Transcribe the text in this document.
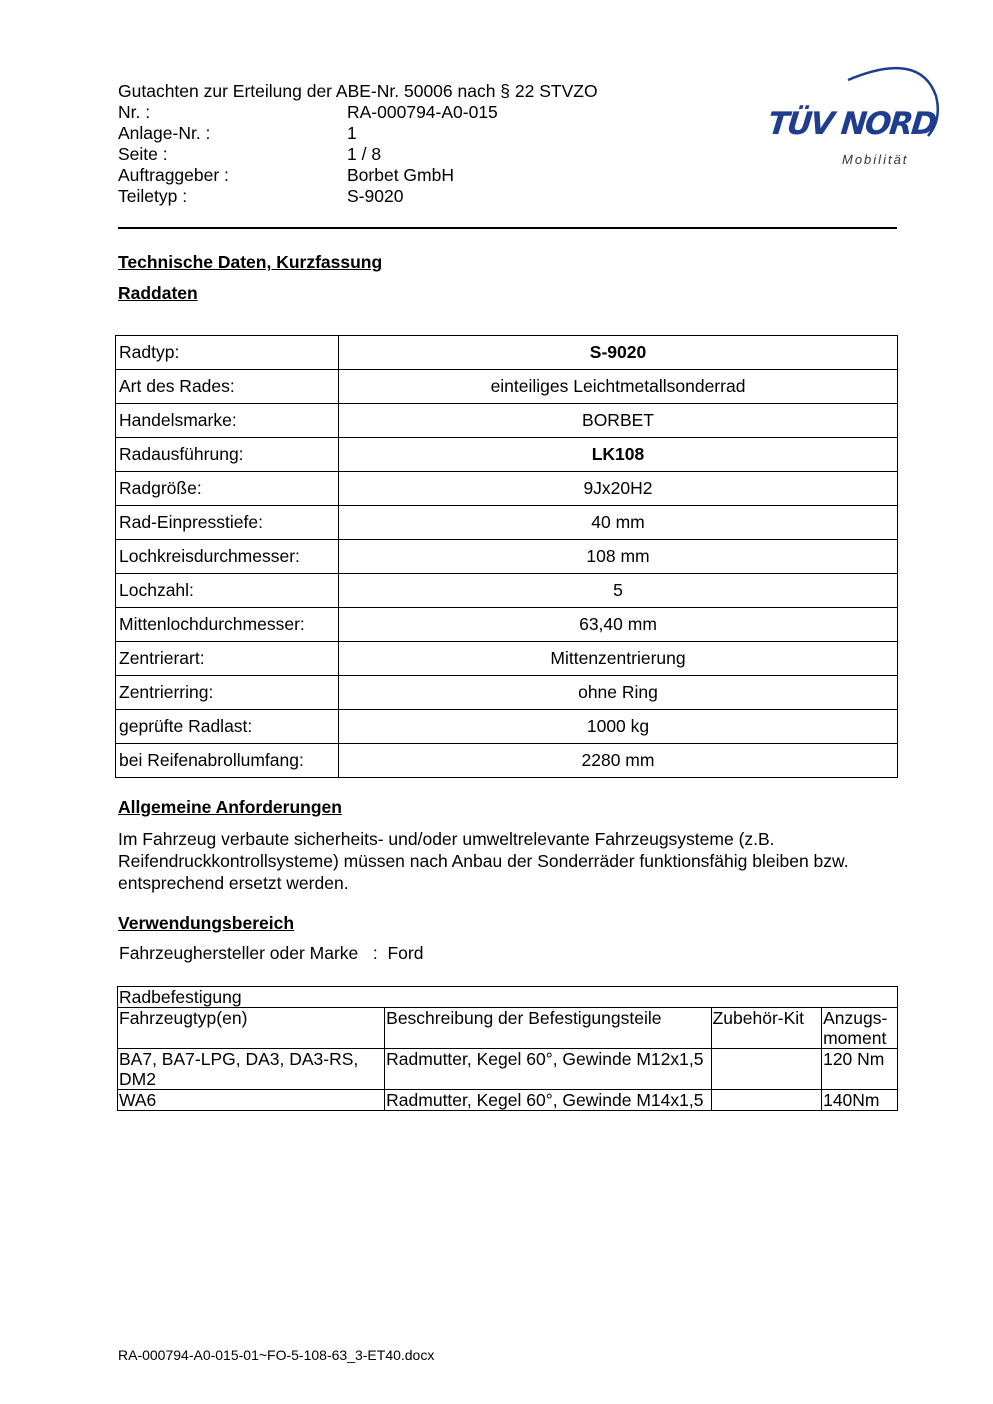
Gutachten zur Erteilung der ABE-Nr. 50006 nach § 22 STVZO
Nr. :	RA-000794-A0-015
Anlage-Nr. :	1
Seite :	1 / 8
Auftraggeber :	Borbet GmbH
Teiletyp :	S-9020
TÜV NORD
Mobilität
Technische Daten, Kurzfassung
Raddaten
Radtyp:	S-9020
Art des Rades:	einteiliges Leichtmetallsonderrad
Handelsmarke:	BORBET
Radausführung:	LK108
Radgröße:	9Jx20H2
Rad-Einpresstiefe:	40 mm
Lochkreisdurchmesser:	108 mm
Lochzahl:	5
Mittenlochdurchmesser:	63,40 mm
Zentrierart:	Mittenzentrierung
Zentrierring:	ohne Ring
geprüfte Radlast:	1000 kg
bei Reifenabrollumfang:	2280 mm
Allgemeine Anforderungen
Im Fahrzeug verbaute sicherheits- und/oder umweltrelevante Fahrzeugsysteme (z.B. Reifendruckkontrollsysteme) müssen nach Anbau der Sonderräder funktionsfähig bleiben bzw. entsprechend ersetzt werden.
Verwendungsbereich
Fahrzeughersteller oder Marke : Ford
Radbefestigung			
Fahrzeugtyp(en)	Beschreibung der Befestigungsteile	Zubehör-Kit	Anzugs-moment
BA7, BA7-LPG, DA3, DA3-RS, DM2	Radmutter, Kegel 60°, Gewinde M12x1,5		120 Nm
WA6	Radmutter, Kegel 60°, Gewinde M14x1,5		140Nm
RA-000794-A0-015-01~FO-5-108-63_3-ET40.docx
